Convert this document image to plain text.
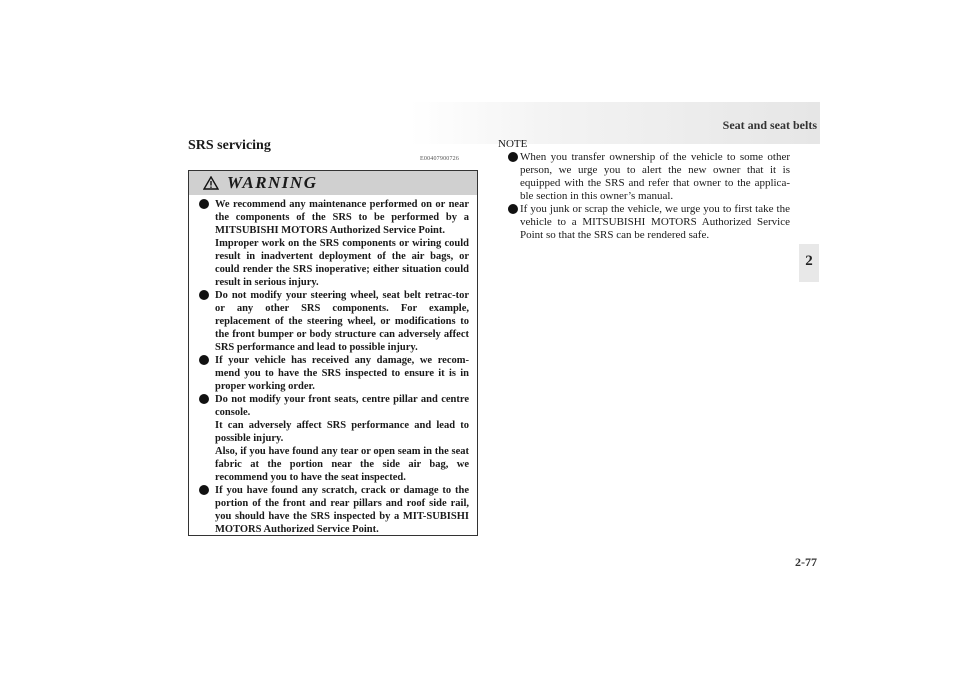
Seat and seat belts
2
SRS servicing
E00407900726
WARNING
We recommend any maintenance performed on or near the components of the SRS to be performed by a MITSUBISHI MOTORS Authorized Service Point.
Improper work on the SRS components or wiring could result in inadvertent deployment of the air bags, or could render the SRS inoperative; either situation could result in serious injury.
Do not modify your steering wheel, seat belt retrac-tor or any other SRS components. For example, replacement of the steering wheel, or modifications to the front bumper or body structure can adversely affect SRS performance and lead to possible injury.
If your vehicle has received any damage, we recom-mend you to have the SRS inspected to ensure it is in proper working order.
Do not modify your front seats, centre pillar and centre console.
It can adversely affect SRS performance and lead to possible injury.
Also, if you have found any tear or open seam in the seat fabric at the portion near the side air bag, we recommend you to have the seat inspected.
If you have found any scratch, crack or damage to the portion of the front and rear pillars and roof side rail, you should have the SRS inspected by a MIT-SUBISHI MOTORS Authorized Service Point.
NOTE
When you transfer ownership of the vehicle to some other person, we urge you to alert the new owner that it is equipped with the SRS and refer that owner to the applica-ble section in this owner’s manual.
If you junk or scrap the vehicle, we urge you to first take the vehicle to a MITSUBISHI MOTORS Authorized Service Point so that the SRS can be rendered safe.
2-77
